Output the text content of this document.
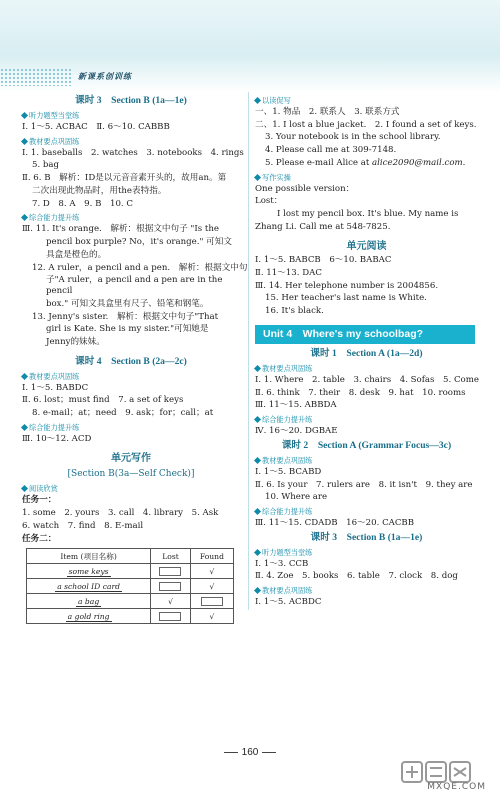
新课系创训练
课时 3　Section B (1a—1e)
听力题型当堂练
Ⅰ. 1～5. ACBAC　Ⅱ. 6～10. CABBB
教材要点巩固练
Ⅰ. 1. baseballs　2. watches　3. notebooks　4. rings
5. bag
Ⅱ. 6. B　解析：ID是以元音音素开头的，故用an。第
二次出现此物品时，用the表特指。
7. D　8. A　9. B　10. C
综合能力提升练
Ⅲ. 11. It's orange.　解析：根据文中句子 "Is the
pencil box purple? No，it's orange." 可知文
具盒是橙色的。
12. A ruler，a pencil and a pen.　解析：根据文中句
子"A ruler，a pencil and a pen are in the pencil
box." 可知文具盒里有尺子、铅笔和钢笔。
13. Jenny's sister.　解析：根据文中句子"That
girl is Kate. She is my sister."可知她是
Jenny的妹妹。
课时 4　Section B (2a—2c)
教材要点巩固练
Ⅰ. 1～5. BABDC
Ⅱ. 6. lost；must find　7. a set of keys
8. e-mail；at；need　9. ask；for；call；at
综合能力提升练
Ⅲ. 10～12. ACD
单元写作
[Section B(3a—Self Check)]
阅读欣赏
任务一：
1. some　2. yours　3. call　4. library　5. Ask
6. watch　7. find　8. E-mail
任务二：
Item (项目名称)	Lost	Found
some keys		√
a school ID card		√
a bag	√	
a gold ring		√
以读促写
一、1. 物品　2. 联系人　3. 联系方式
二、1. I lost a blue jacket.　2. I found a set of keys.
3. Your notebook is in the school library.
4. Please call me at 309-7148.
5. Please e-mail Alice at alice2090@mail.com.
写作实操
One possible version：
Lost：
I lost my pencil box. It's blue. My name is
Zhang Li. Call me at 548-7825.
单元阅读
Ⅰ. 1～5. BABCB　6～10. BABAC
Ⅱ. 11～13. DAC
Ⅲ. 14. Her telephone number is 2004856.
15. Her teacher's last name is White.
16. It's black.
Unit 4　Where's my schoolbag?
课时 1　Section A (1a—2d)
教材要点巩固练
Ⅰ. 1. Where　2. table　3. chairs　4. Sofas　5. Come
Ⅱ. 6. think　7. their　8. desk　9. hat　10. rooms
Ⅲ. 11～15. ABBDA
综合能力提升练
Ⅳ. 16～20. DGBAE
课时 2　Section A (Grammar Focus—3c)
教材要点巩固练
Ⅰ. 1～5. BCABD
Ⅱ. 6. Is your　7. rulers are　8. it isn't　9. they are
10. Where are
综合能力提升练
Ⅲ. 11～15. CDADB　16～20. CACBB
课时 3　Section B (1a—1e)
听力题型当堂练
Ⅰ. 1～3. CCB
Ⅱ. 4. Zoe　5. books　6. table　7. clock　8. dog
教材要点巩固练
Ⅰ. 1～5. ACBDC
160
MXQE.COM
